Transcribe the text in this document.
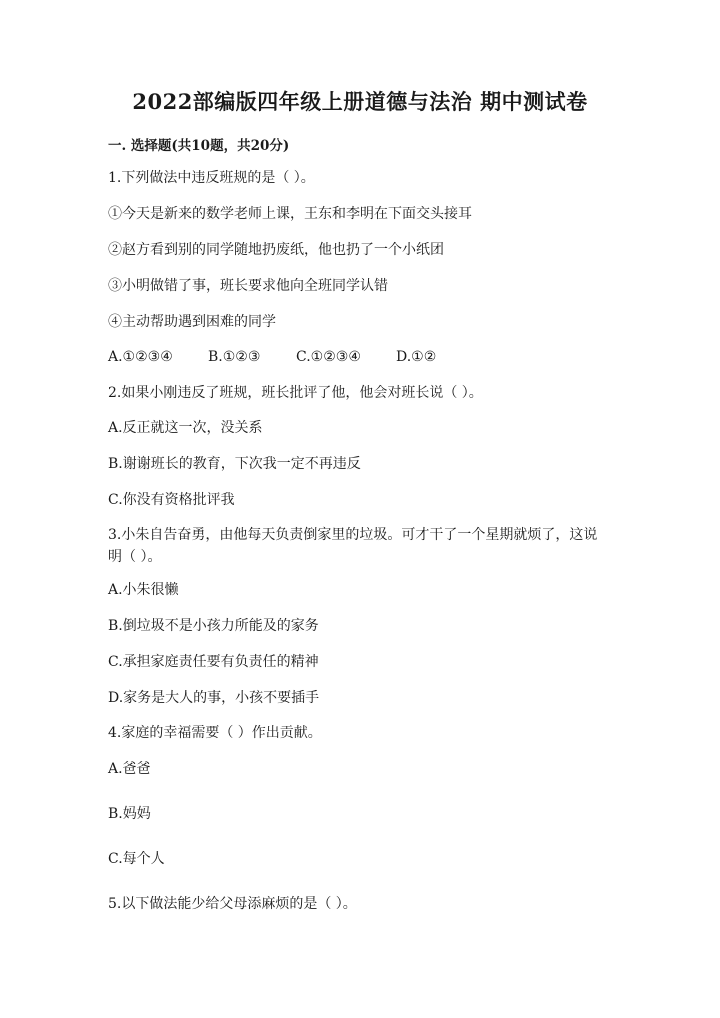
2022部编版四年级上册道德与法治 期中测试卷
一. 选择题(共10题，共20分)
1.下列做法中违反班规的是（ ）。
①今天是新来的数学老师上课，王东和李明在下面交头接耳
②赵方看到别的同学随地扔废纸，他也扔了一个小纸团
③小明做错了事，班长要求他向全班同学认错
④主动帮助遇到困难的同学
A.①②③④	B.①②③	C.①②③④	D.①②
2.如果小刚违反了班规，班长批评了他，他会对班长说（ ）。
A.反正就这一次，没关系
B.谢谢班长的教育，下次我一定不再违反
C.你没有资格批评我
3.小朱自告奋勇，由他每天负责倒家里的垃圾。可才干了一个星期就烦了，这说明（ ）。
A.小朱很懒
B.倒垃圾不是小孩力所能及的家务
C.承担家庭责任要有负责任的精神
D.家务是大人的事，小孩不要插手
4.家庭的幸福需要（ ）作出贡献。
A.爸爸
B.妈妈
C.每个人
5.以下做法能少给父母添麻烦的是（ ）。
